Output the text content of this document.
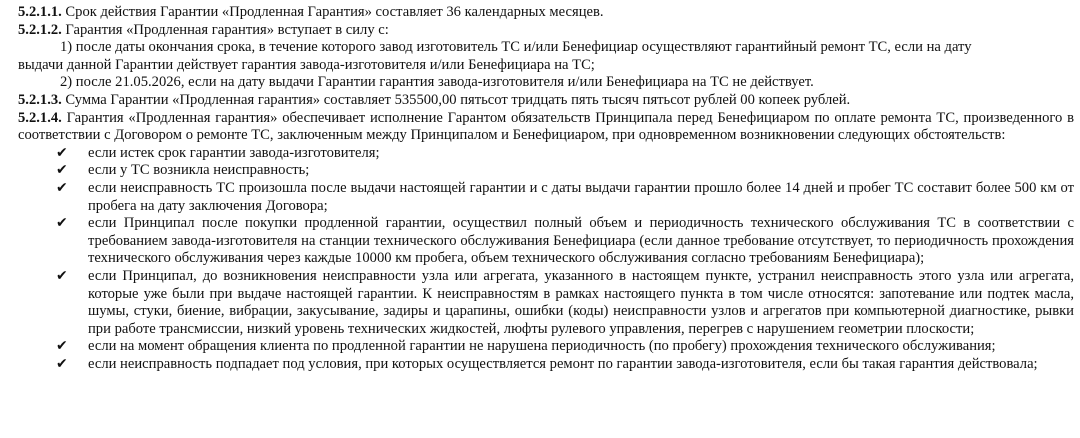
5.2.1.1. Срок действия Гарантии «Продленная Гарантия» составляет 36 календарных месяцев.
5.2.1.2. Гарантия «Продленная гарантия» вступает в силу с:
1) после даты окончания срока, в течение которого завод изготовитель ТС и/или Бенефициар осуществляют гарантийный ремонт ТС, если на дату
выдачи данной Гарантии действует гарантия завода-изготовителя и/или Бенефициара на ТС;
2) после 21.05.2026, если на дату выдачи Гарантии гарантия завода-изготовителя и/или Бенефициара на ТС не действует.
5.2.1.3. Сумма Гарантии «Продленная гарантия» составляет 535500,00 пятьсот тридцать пять тысяч пятьсот рублей 00 копеек рублей.
5.2.1.4. Гарантия «Продленная гарантия» обеспечивает исполнение Гарантом обязательств Принципала перед Бенефициаром по оплате ремонта ТС, произведенного в соответствии с Договором о ремонте ТС, заключенным между Принципалом и Бенефициаром, при одновременном возникновении следующих обстоятельств:
✔ если истек срок гарантии завода-изготовителя;
✔ если у ТС возникла неисправность;
✔ если неисправность ТС произошла после выдачи настоящей гарантии и с даты выдачи гарантии прошло более 14 дней и пробег ТС составит более 500 км от пробега на дату заключения Договора;
✔ если Принципал после покупки продленной гарантии, осуществил полный объем и периодичность технического обслуживания ТС в соответствии с требованием завода-изготовителя на станции технического обслуживания Бенефициара (если данное требование отсутствует, то периодичность прохождения технического обслуживания через каждые 10000 км пробега, объем технического обслуживания согласно требованиям Бенефициара);
✔ если Принципал, до возникновения неисправности узла или агрегата, указанного в настоящем пункте, устранил неисправность этого узла или агрегата, которые уже были при выдаче настоящей гарантии. К неисправностям в рамках настоящего пункта в том числе относятся: запотевание или подтек масла, шумы, стуки, биение, вибрации, закусывание, задиры и царапины, ошибки (коды) неисправности узлов и агрегатов при компьютерной диагностике, рывки при работе трансмиссии, низкий уровень технических жидкостей, люфты рулевого управления, перегрев с нарушением геометрии плоскости;
✔ если на момент обращения клиента по продленной гарантии не нарушена периодичность (по пробегу) прохождения технического обслуживания;
✔ если неисправность подпадает под условия, при которых осуществляется ремонт по гарантии завода-изготовителя, если бы такая гарантия действовала;
